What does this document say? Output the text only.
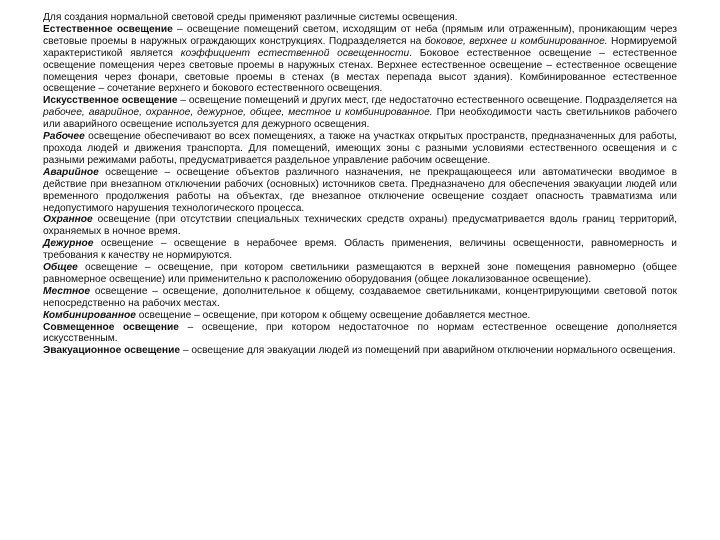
Для создания нормальной световой среды применяют различные системы освещения.

Естественное освещение – освещение помещений светом, исходящим от неба (прямым или отраженным), проникающим через световые проемы в наружных ограждающих конструкциях. Подразделяется на боковое, верхнее и комбинированное. Нормируемой характеристикой является коэффициент естественной освещенности. Боковое естественное освещение – естественное освещение помещения через световые проемы в наружных стенах. Верхнее естественное освещение – естественное освещение помещения через фонари, световые проемы в стенах (в местах перепада высот здания). Комбинированное естественное освещение – сочетание верхнего и бокового естественного освещения.

Искусственное освещение – освещение помещений и других мест, где недостаточно естественного освещение. Подразделяется на рабочее, аварийное, охранное, дежурное, общее, местное и комбинированное. При необходимости часть светильников рабочего или аварийного освещение используется для дежурного освещения.

Рабочее освещение обеспечивают во всех помещениях, а также на участках открытых пространств, предназначенных для работы, прохода людей и движения транспорта. Для помещений, имеющих зоны с разными условиями естественного освещения и с разными режимами работы, предусматривается раздельное управление рабочим освещение.

Аварийное освещение – освещение объектов различного назначения, не прекращающееся или автоматически вводимое в действие при внезапном отключении рабочих (основных) источников света. Предназначено для обеспечения эвакуации людей или временного продолжения работы на объектах, где внезапное отключение освещение создает опасность травматизма или недопустимого нарушения технологического процесса.

Охранное освещение (при отсутствии специальных технических средств охраны) предусматривается вдоль границ территорий, охраняемых в ночное время.

Дежурное освещение – освещение в нерабочее время. Область применения, величины освещенности, равномерность и требования к качеству не нормируются.

Общее освещение – освещение, при котором светильники размещаются в верхней зоне помещения равномерно (общее равномерное освещение) или применительно к расположению оборудования (общее локализованное освещение).

Местное освещение – освещение, дополнительное к общему, создаваемое светильниками, концентрирующими световой поток непосредственно на рабочих местах.

Комбинированное освещение – освещение, при котором к общему освещение добавляется местное.

Совмещенное освещение – освещение, при котором недостаточное по нормам естественное освещение дополняется искусственным.

Эвакуационное освещение – освещение для эвакуации людей из помещений при аварийном отключении нормального освещения.
